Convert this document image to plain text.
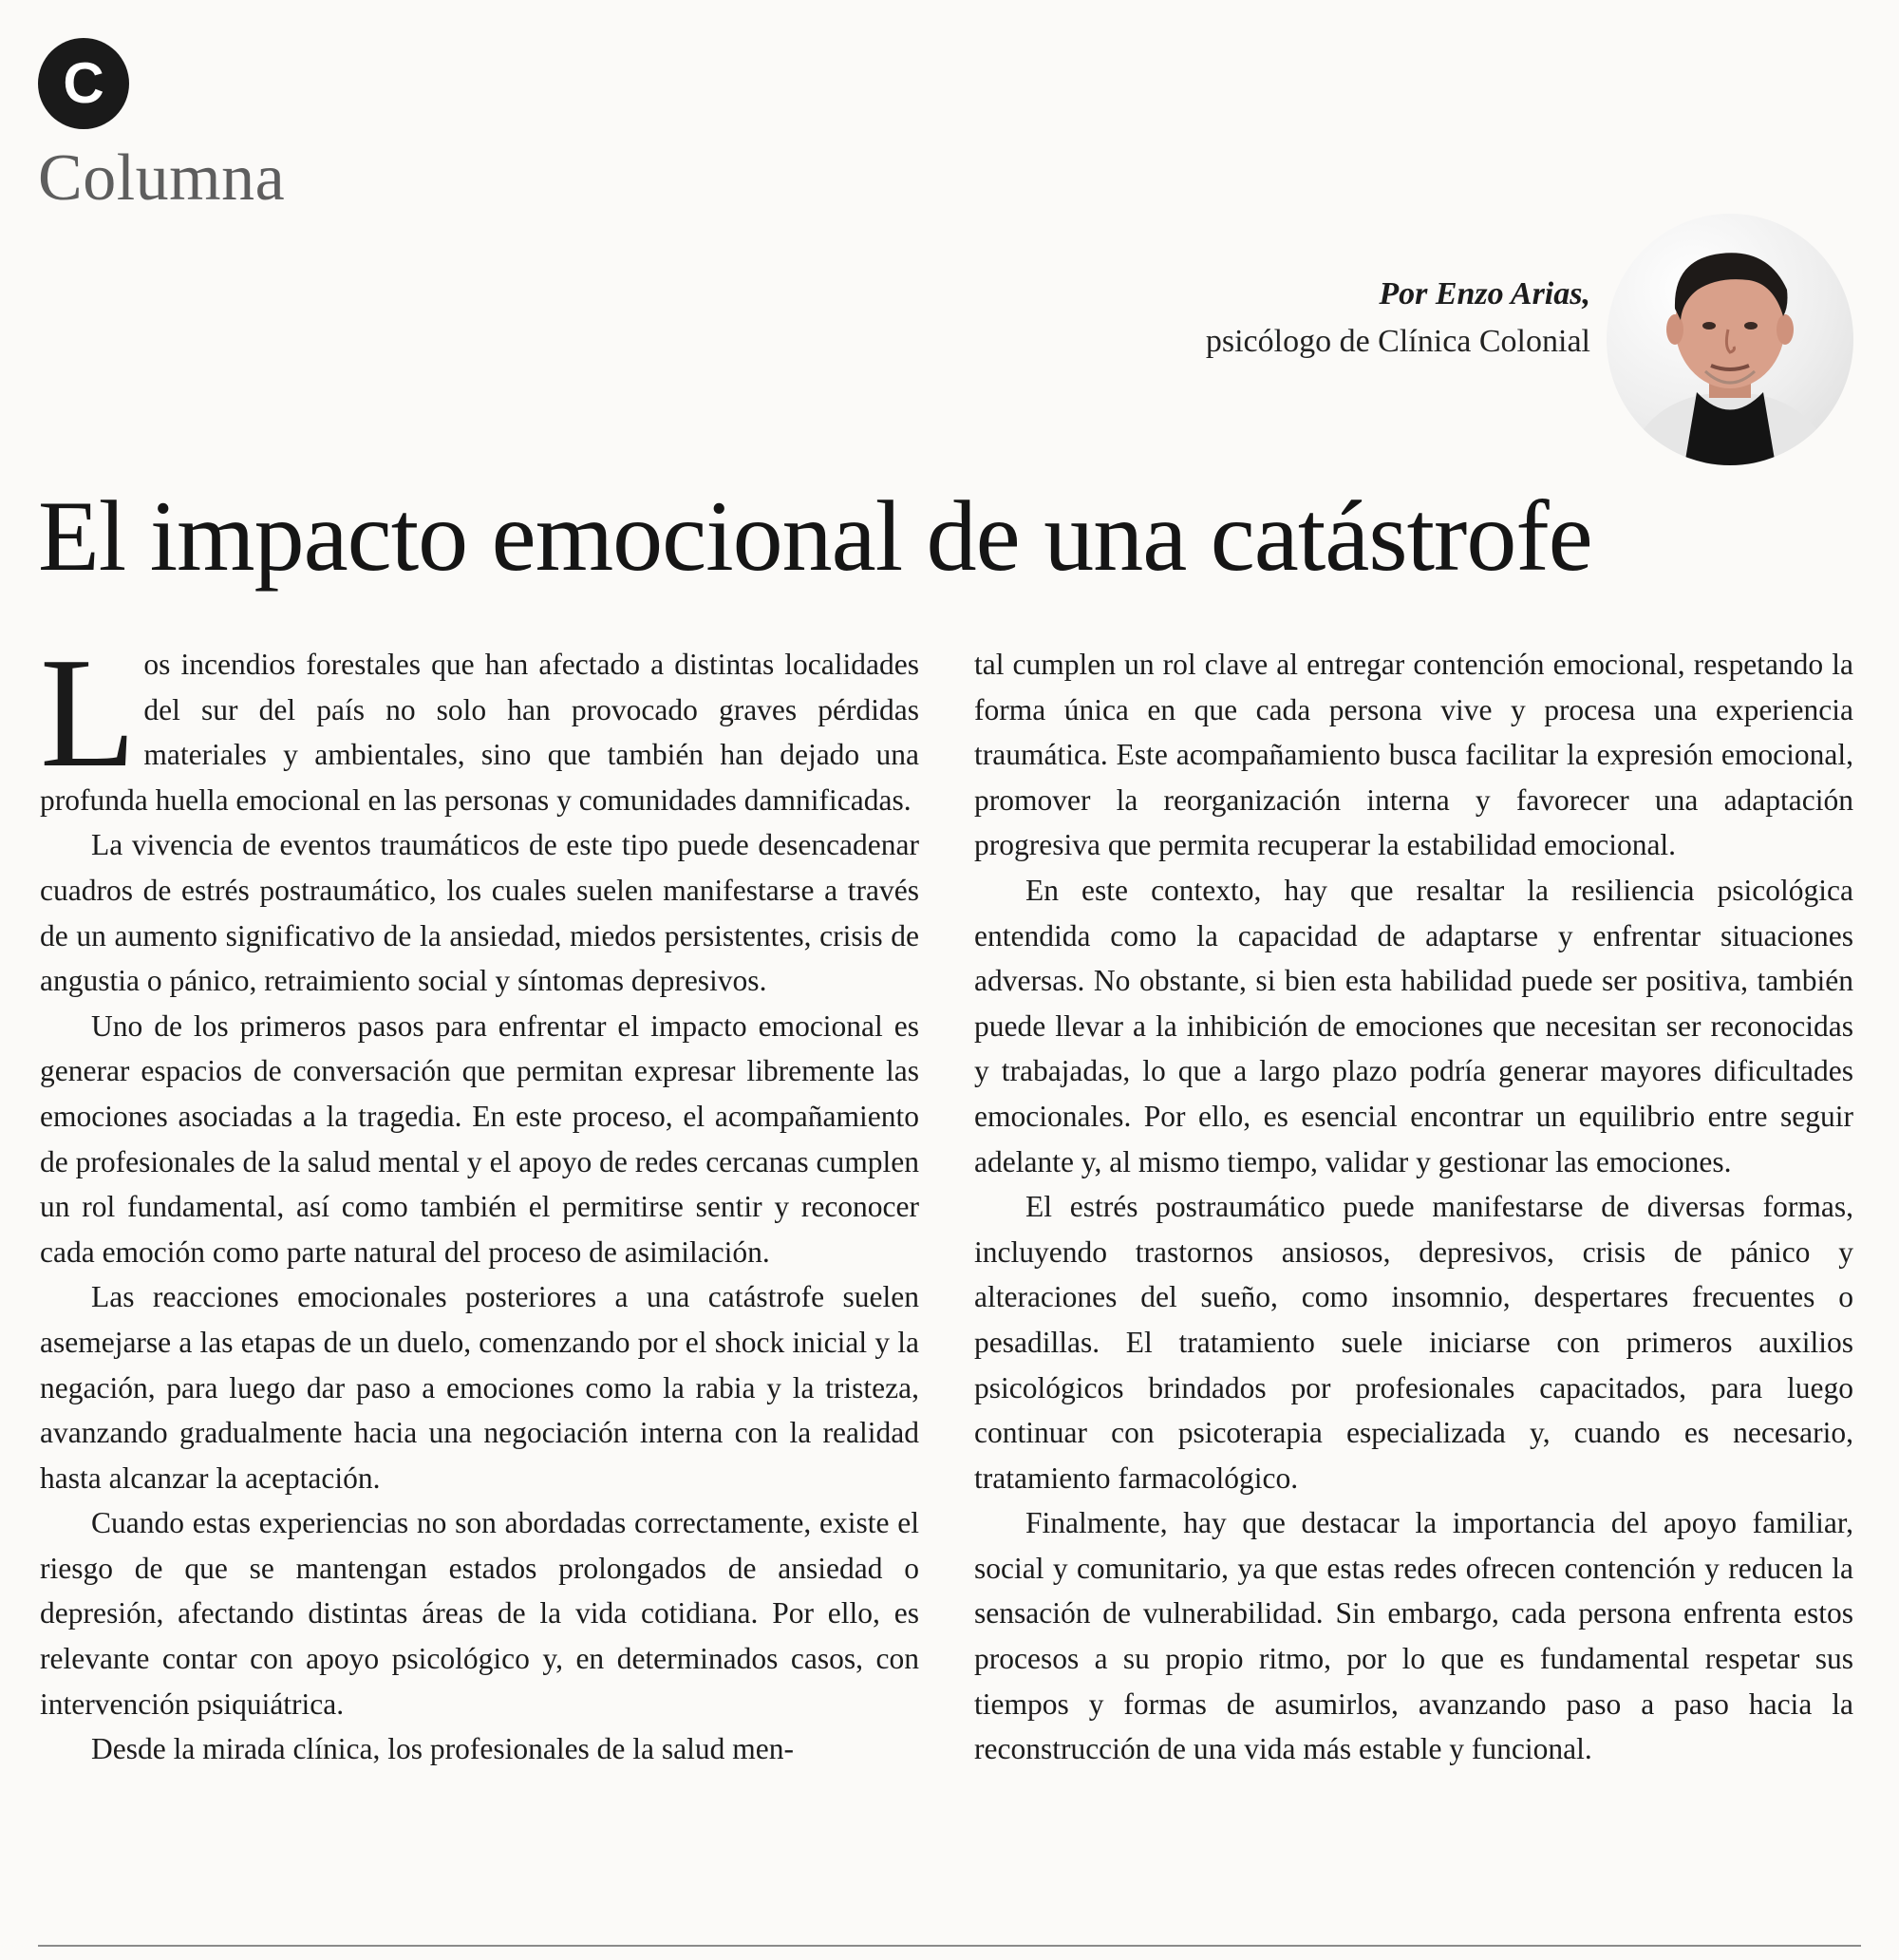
C
Columna
Por Enzo Arias,
psicólogo de Clínica Colonial
El impacto emocional de una catástrofe

Los incendios forestales que han afectado a distintas localidades del sur del país no solo han provocado graves pérdidas materiales y ambientales, sino que también han dejado una profunda huella emocional en las personas y comunidades damnificadas.

La vivencia de eventos traumáticos de este tipo puede desencadenar cuadros de estrés postraumático, los cuales suelen manifestarse a través de un aumento significativo de la ansiedad, miedos persistentes, crisis de angustia o pánico, retraimiento social y síntomas depresivos.

Uno de los primeros pasos para enfrentar el impacto emocional es generar espacios de conversación que permitan expresar libremente las emociones asociadas a la tragedia. En este proceso, el acompañamiento de profesionales de la salud mental y el apoyo de redes cercanas cumplen un rol fundamental, así como también el permitirse sentir y reconocer cada emoción como parte natural del proceso de asimilación.

Las reacciones emocionales posteriores a una catástrofe suelen asemejarse a las etapas de un duelo, comenzando por el shock inicial y la negación, para luego dar paso a emociones como la rabia y la tristeza, avanzando gradualmente hacia una negociación interna con la realidad hasta alcanzar la aceptación.

Cuando estas experiencias no son abordadas correctamente, existe el riesgo de que se mantengan estados prolongados de ansiedad o depresión, afectando distintas áreas de la vida cotidiana. Por ello, es relevante contar con apoyo psicológico y, en determinados casos, con intervención psiquiátrica.

Desde la mirada clínica, los profesionales de la salud men-

tal cumplen un rol clave al entregar contención emocional, respetando la forma única en que cada persona vive y procesa una experiencia traumática. Este acompañamiento busca facilitar la expresión emocional, promover la reorganización interna y favorecer una adaptación progresiva que permita recuperar la estabilidad emocional.

En este contexto, hay que resaltar la resiliencia psicológica entendida como la capacidad de adaptarse y enfrentar situaciones adversas. No obstante, si bien esta habilidad puede ser positiva, también puede llevar a la inhibición de emociones que necesitan ser reconocidas y trabajadas, lo que a largo plazo podría generar mayores dificultades emocionales. Por ello, es esencial encontrar un equilibrio entre seguir adelante y, al mismo tiempo, validar y gestionar las emociones.

El estrés postraumático puede manifestarse de diversas formas, incluyendo trastornos ansiosos, depresivos, crisis de pánico y alteraciones del sueño, como insomnio, despertares frecuentes o pesadillas. El tratamiento suele iniciarse con primeros auxilios psicológicos brindados por profesionales capacitados, para luego continuar con psicoterapia especializada y, cuando es necesario, tratamiento farmacológico.

Finalmente, hay que destacar la importancia del apoyo familiar, social y comunitario, ya que estas redes ofrecen contención y reducen la sensación de vulnerabilidad. Sin embargo, cada persona enfrenta estos procesos a su propio ritmo, por lo que es fundamental respetar sus tiempos y formas de asumirlos, avanzando paso a paso hacia la reconstrucción de una vida más estable y funcional.
